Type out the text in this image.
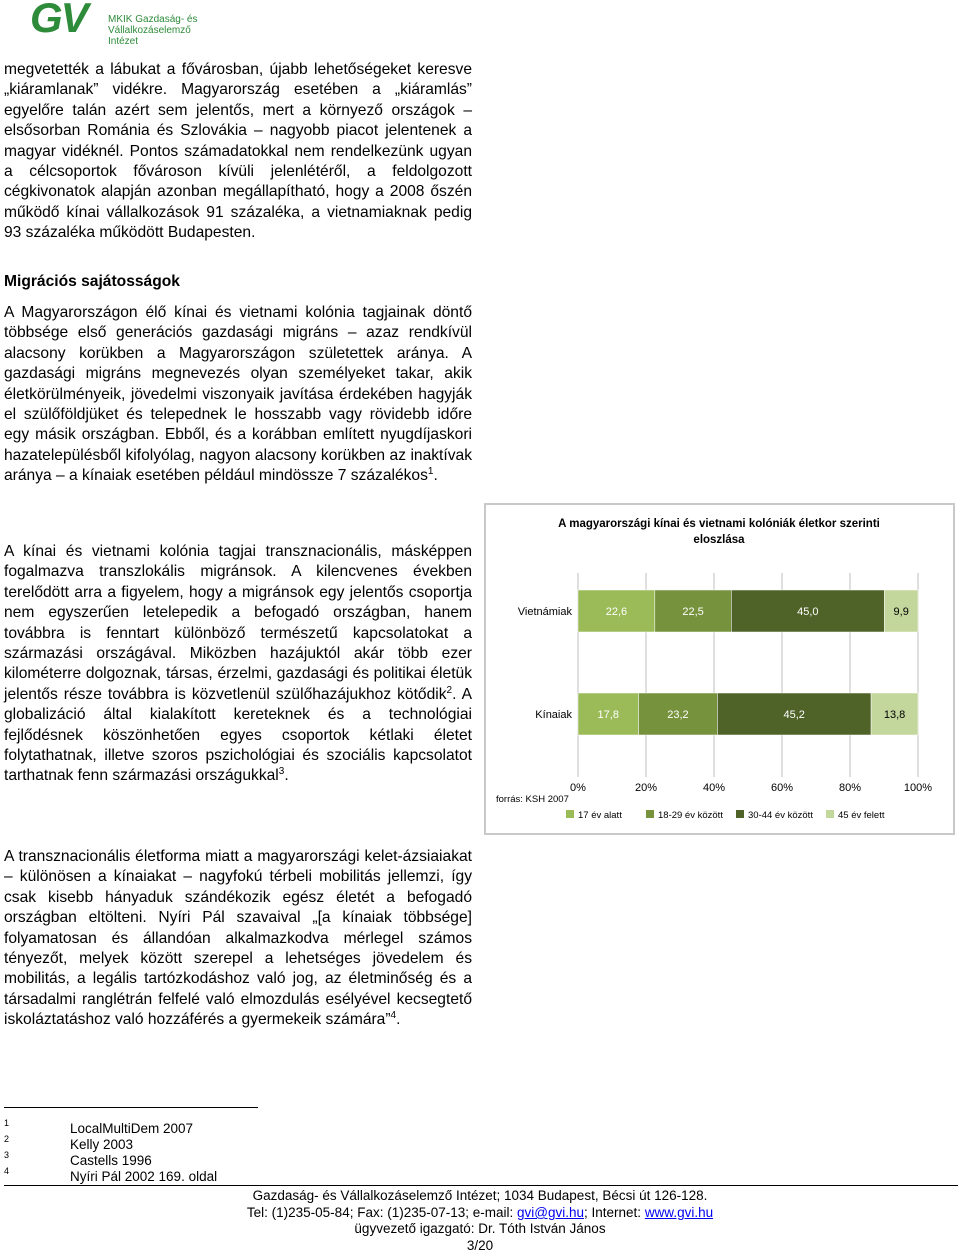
GV MKIK Gazdaság- és
Vállalkozáselemző Intézet

megvetették a lábukat a fővárosban, újabb lehetőségeket keresve „kiáramlanak” vidékre. Magyarország esetében a „kiáramlás” egyelőre talán azért sem jelentős, mert a környező országok – elsősorban Románia és Szlovákia – nagyobb piacot jelentenek a magyar vidéknél. Pontos számadatokkal nem rendelkezünk ugyan a célcsoportok fővároson kívüli jelenlétéről, a feldolgozott cégkivonatok alapján azonban megállapítható, hogy a 2008 őszén működő kínai vállalkozások 91 százaléka, a vietnamiaknak pedig 93 százaléka működött Budapesten.

Migrációs sajátosságok

A Magyarországon élő kínai és vietnami kolónia tagjainak döntő többsége első generációs gazdasági migráns – azaz rendkívül alacsony korükben a Magyarországon születettek aránya. A gazdasági migráns megnevezés olyan személyeket takar, akik életkörülményeik, jövedelmi viszonyaik javítása érdekében hagyják el szülőföldjüket és telepednek le hosszabb vagy rövidebb időre egy másik országban. Ebből, és a korábban említett nyugdíjaskori hazatelepülésből kifolyólag, nagyon alacsony korükben az inaktívak aránya – a kínaiak esetében például mindössze 7 százalékos$^1$.

A kínai és vietnami kolónia tagjai transznacionális, másképpen fogalmazva transzlokális migránsok. A kilencvenes években terelődött arra a figyelem, hogy a migránsok egy jelentős csoportja nem egyszerűen letelepedik a befogadó országban, hanem továbbra is fenntart különböző természetű kapcsolatokat a származási országával. Miközben hazájuktól akár több ezer kilométerre dolgoznak, társas, érzelmi, gazdasági és politikai életük jelentős része továbbra is közvetlenül szülőhazájukhoz kötődik$^2$. A globalizáció által kialakított kereteknek és a technológiai fejlődésnek köszönhetően egyes csoportok kétlaki életet folytathatnak, illetve szoros pszichológiai és szociális kapcsolatot tarthatnak fenn származási országukkal$^3$.

A transznacionális életforma miatt a magyarországi kelet-ázsiaiakat – különösen a kínaiakat – nagyfokú térbeli mobilitás jellemzi, így csak kisebb hányaduk szándékozik egész életét a befogadó országban eltölteni. Nyíri Pál szavaival „[a kínaiak többsége] folyamatosan és állandóan alkalmazkodva mérlegel számos tényezőt, melyek között szerepel a lehetséges jövedelem és mobilitás, a legális tartózkodáshoz való jog, az életminőség és a társadalmi ranglétrán felfelé való elmozdulás esélyével kecsegtető iskoláztatáshoz való hozzáférés a gyermekeik számára”$^4$.

A magyarországi kínai és vietnami kolóniák életkor szerinti
eloszlása
0%	20%	40%	60%	80%	100%
Vietnámiak	22,6	22,5	45,0	9,9
Kínaiak 17,8	23,2	45,2	13,8
forrás: KSH 2007
17 év alatt	18-29 év között	30-44 év között	45 év felett
1	LocalMultiDem 2007
2	Kelly 2003
3	Castells 1996
4	Nyíri Pál 2002 169. oldal
Gazdaság- és Vállalkozáselemző Intézet; 1034 Budapest, Bécsi út 126-128.
Tel: (1)235-05-84; Fax: (1)235-07-13; e-mail: gvi@gvi.hu; Internet: www.gvi.hu
ügyvezető igazgató: Dr. Tóth István János
3/20
